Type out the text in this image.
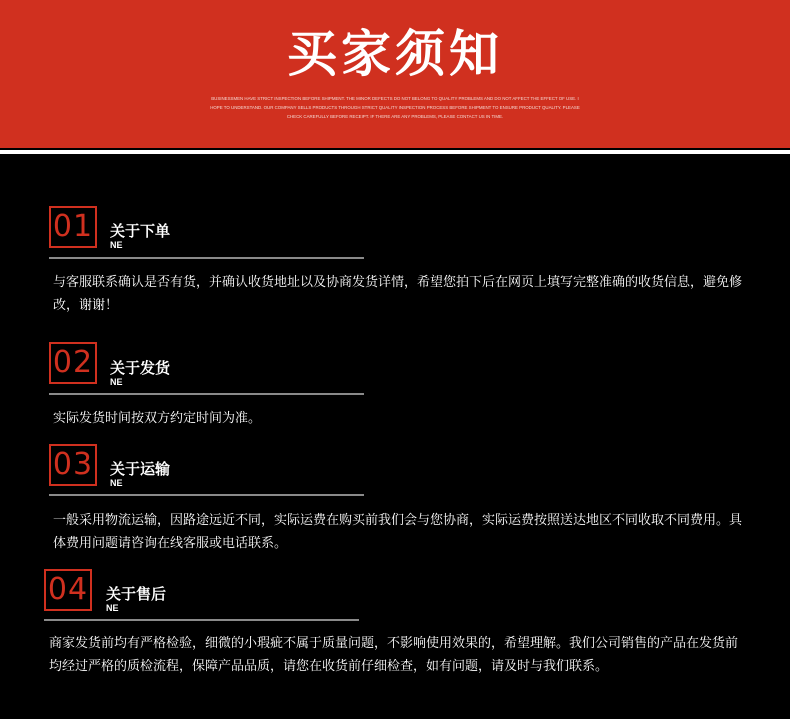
买家须知
BUSINESSMEN HAVE STRICT INSPECTION BEFORE SHIPMENT. THE MINOR DEFECTS DO NOT BELONG TO QUALITY PROBLEMS AND DO NOT AFFECT THE EFFECT OF USE. I HOPE TO UNDERSTAND. OUR COMPANY SELLS PRODUCTS THROUGH STRICT QUALITY INSPECTION PROCESS BEFORE SHIPMENT TO ENSURE PRODUCT QUALITY. PLEASE CHECK CAREFULLY BEFORE RECEIPT. IF THERE ARE ANY PROBLEMS, PLEASE CONTACT US IN TIME.
01 关于下单
NE
与客服联系确认是否有货，并确认收货地址以及协商发货详情，希望您拍下后在网页上填写完整准确的收货信息，避免修改，谢谢！
02 关于发货
NE
实际发货时间按双方约定时间为准。
03 关于运输
NE
一般采用物流运输，因路途远近不同，实际运费在购买前我们会与您协商，实际运费按照送达地区不同收取不同费用。具体费用问题请咨询在线客服或电话联系。
04 关于售后
NE
商家发货前均有严格检验，细微的小瑕疵不属于质量问题，不影响使用效果的，希望理解。我们公司销售的产品在发货前均经过严格的质检流程，保障产品品质，请您在收货前仔细检查，如有问题，请及时与我们联系。
